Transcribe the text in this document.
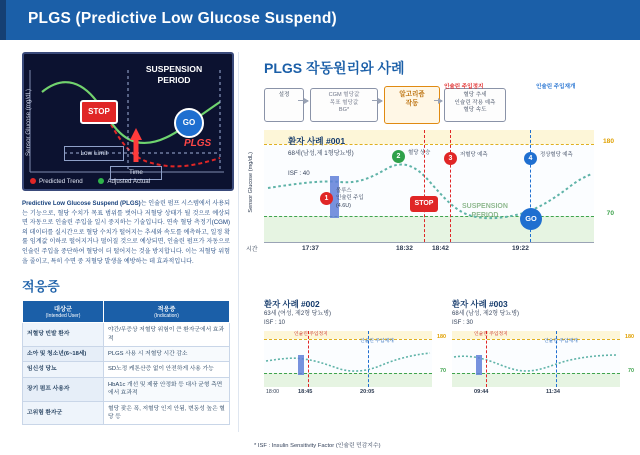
PLGS (Predictive Low Glucose Suspend)
Sensor Glucose (mg/dL)
SUSPENSION
PERIOD
STOP
GO
PLGS
Low Limit
Time
Predicted Trend	Adjusted Actual
Predictive Low Glucose Suspend (PLGS)는 인슐린 펌프 시스템에서 사용되는 기능으로, 혈당 수치가 목표 범위를 벗어나 저혈당 상태가 될 것으로 예상되면 자동으로 인슐린 주입을 일시 중지하는 기술입니다. 연속 혈당 측정기(CGM)의 데이터를 실시간으로 혈당 수치가 떨어지는 추세와 속도를 예측하고, 일정 확률 임계값 이하로 떨어지거나 떨어질 것으로 예상되면, 인슐린 펌프가 자동으로 인슐린 주입을 중단하여 혈당이 더 떨어지는 것을 방지합니다. 이는 저혈당 위험을 줄이고, 특히 수면 중 저혈당 발생을 예방하는 데 효과적입니다.
적응증
대상군
(Intended User)	적응증
(Indication)

저혈당 빈발 환자	야간/무증상 저혈당 위험이 큰 환자군에서 효과적
소아 및 청소년(6~18세)	PLGS 사용 시 저혈당 시간 감소
임신성 당뇨	SD노정 케톤산증 없이 안전하게 사용 가능
장기 펌프 사용자	HbA1c 개선 및 제품 안정화 등 대사 균형 측면에서 효과적
고위험 환자군	혈당 잦은 폭, 저혈당 인지 안됨, 변동성 높은 혈당 등
PLGS 작동원리와 사례
설정	CGM 혈당값
목표 혈당값
BG*
알고리즘
작동
혈당 추세
인슐린 작용 예측
혈당 속도
인슐린 주입정지	인슐린 주입재개
Sensor Glucose (mg/dL)
180
70
1
2	3	4
볼루스
인슐린 주입
(4.6U)
혈당 상승	저혈당 예측	정상혈당 예측
STOP
GO
SUSPENSION
PERIOD
환자 사례 #001
68세(남성,제 1형당뇨병)
ISF : 40
시간	17:37	18:32	18:42	19:22
환자 사례 #002
63세 (여성, 제2형 당뇨병)
ISF : 10
180
70
인슐린 주입정지
인슐린 주입재개
18:00	18:45	20:05
환자 사례 #003
68세 (남성, 제2형 당뇨병)
ISF : 30
180
70
인슐린 주입정지
인슐린 주입재개
09:44	11:34
* ISF : Insulin Sensitivity Factor (인슐린 민감지수)
